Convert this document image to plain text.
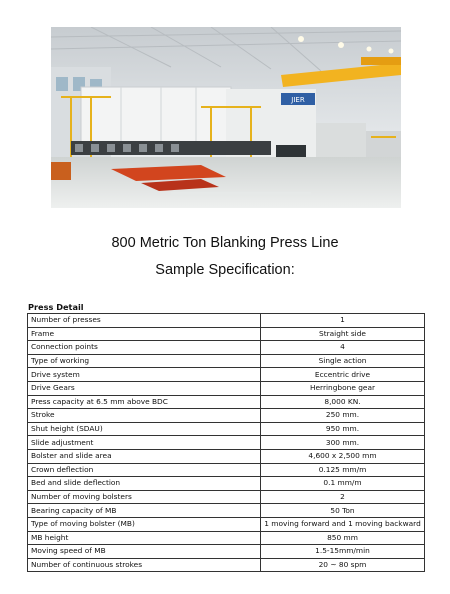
JIER
800 Metric Ton Blanking Press Line
Sample Specification:
Press Detail
Number of presses	1
Frame	Straight side
Connection points	4
Type of working	Single action
Drive system	Eccentric drive
Drive Gears	Herringbone gear
Press capacity at 6.5 mm above BDC	8,000 KN.
Stroke	250 mm.
Shut height (SDAU)	950 mm.
Slide adjustment	300 mm.
Bolster and slide area	4,600 x 2,500 mm
Crown deflection	0.125 mm/m
Bed and slide deflection	0.1 mm/m
Number of moving bolsters	2
Bearing capacity of MB	50 Ton
Type of moving bolster (MB)	1 moving forward and 1 moving backward
MB height	850 mm
Moving speed of MB	1.5-15mm/min
Number of continuous strokes	20 ~ 80 spm
